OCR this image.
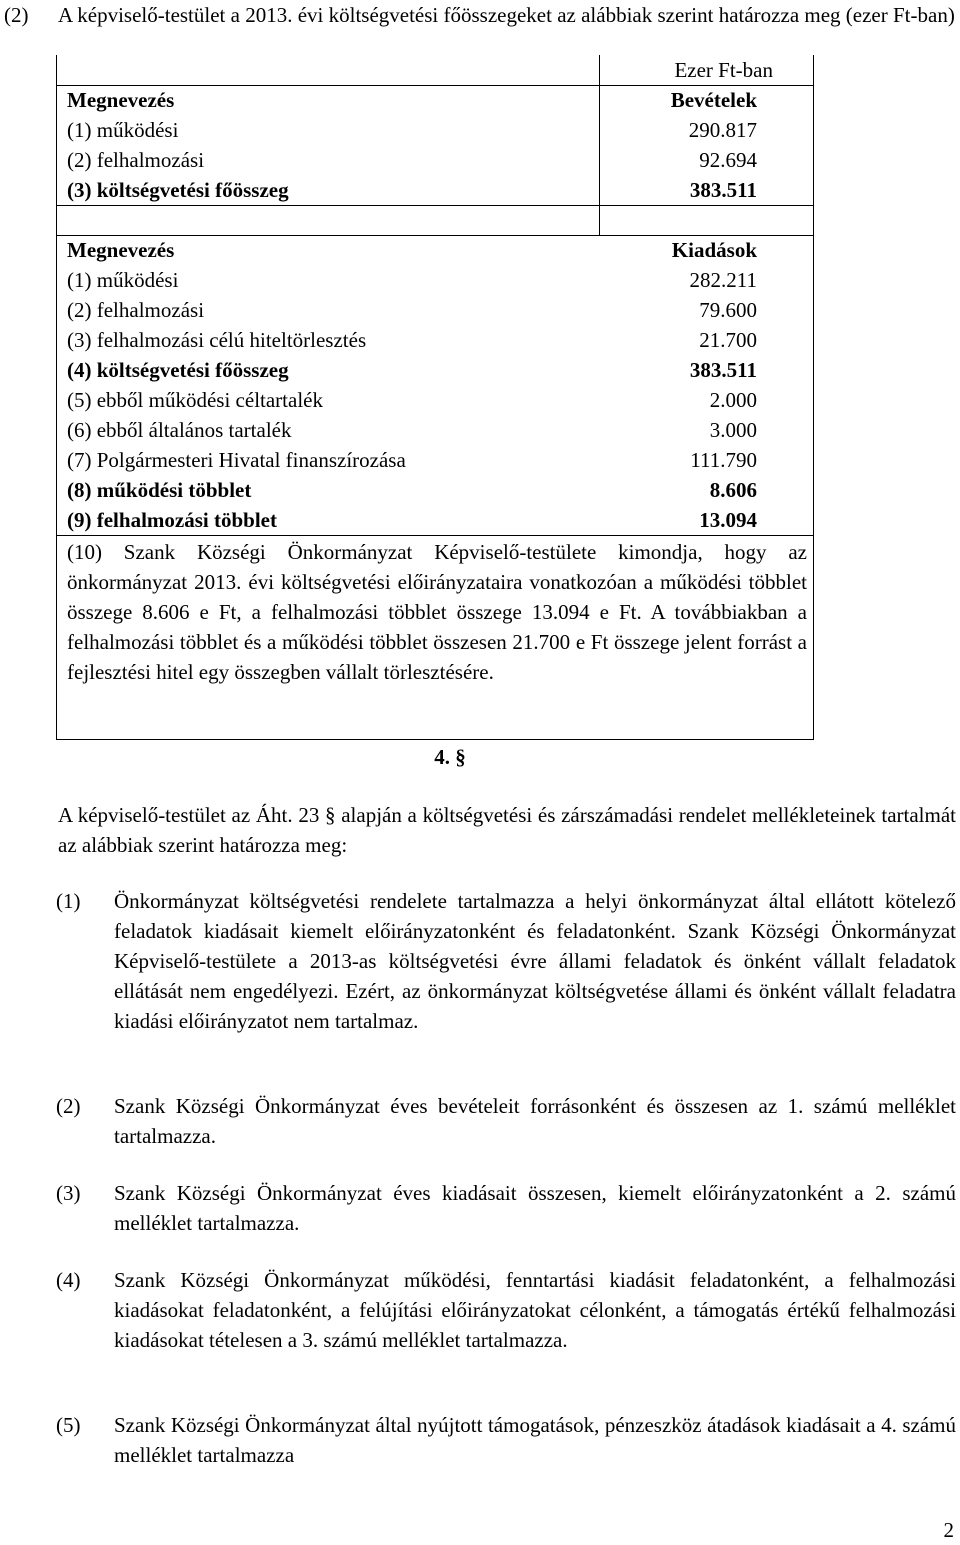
(2) A képviselő-testület a 2013. évi költségvetési főösszegeket az alábbiak szerint határozza meg (ezer Ft-ban)
Ezer Ft-ban
Megnevezés	Bevételek
(1) működési	290.817
(2) felhalmozási	92.694
(3) költségvetési főösszeg	383.511
Megnevezés	Kiadások
(1) működési	282.211
(2) felhalmozási	79.600
(3) felhalmozási célú hiteltörlesztés	21.700
(4) költségvetési főösszeg	383.511
(5) ebből működési céltartalék	2.000
(6) ebből általános tartalék	3.000
(7) Polgármesteri Hivatal finanszírozása	111.790
(8) működési többlet	8.606
(9) felhalmozási többlet	13.094
(10) Szank Községi Önkormányzat Képviselő-testülete kimondja, hogy az önkormányzat 2013. évi költségvetési előirányzataira vonatkozóan a működési többlet összege 8.606 e Ft, a felhalmozási többlet összege 13.094 e Ft. A továbbiakban a felhalmozási többlet és a működési többlet összesen 21.700 e Ft összege jelent forrást a fejlesztési hitel egy összegben vállalt törlesztésére.
4. §
A képviselő-testület az Áht. 23 § alapján a költségvetési és zárszámadási rendelet mellékleteinek tartalmát az alábbiak szerint határozza meg:
(1) Önkormányzat költségvetési rendelete tartalmazza a helyi önkormányzat által ellátott kötelező feladatok kiadásait kiemelt előirányzatonként és feladatonként. Szank Községi Önkormányzat Képviselő-testülete a 2013-as költségvetési évre állami feladatok és önként vállalt feladatok ellátását nem engedélyezi. Ezért, az önkormányzat költségvetése állami és önként vállalt feladatra kiadási előirányzatot nem tartalmaz.
(2) Szank Községi Önkormányzat éves bevételeit forrásonként és összesen az 1. számú melléklet tartalmazza.
(3) Szank Községi Önkormányzat éves kiadásait összesen, kiemelt előirányzatonként a 2. számú melléklet tartalmazza.
(4) Szank Községi Önkormányzat működési, fenntartási kiadásit feladatonként, a felhalmozási kiadásokat feladatonként, a felújítási előirányzatokat célonként, a támogatás értékű felhalmozási kiadásokat tételesen a 3. számú melléklet tartalmazza.
(5) Szank Községi Önkormányzat által nyújtott támogatások, pénzeszköz átadások kiadásait a 4. számú melléklet tartalmazza
2
